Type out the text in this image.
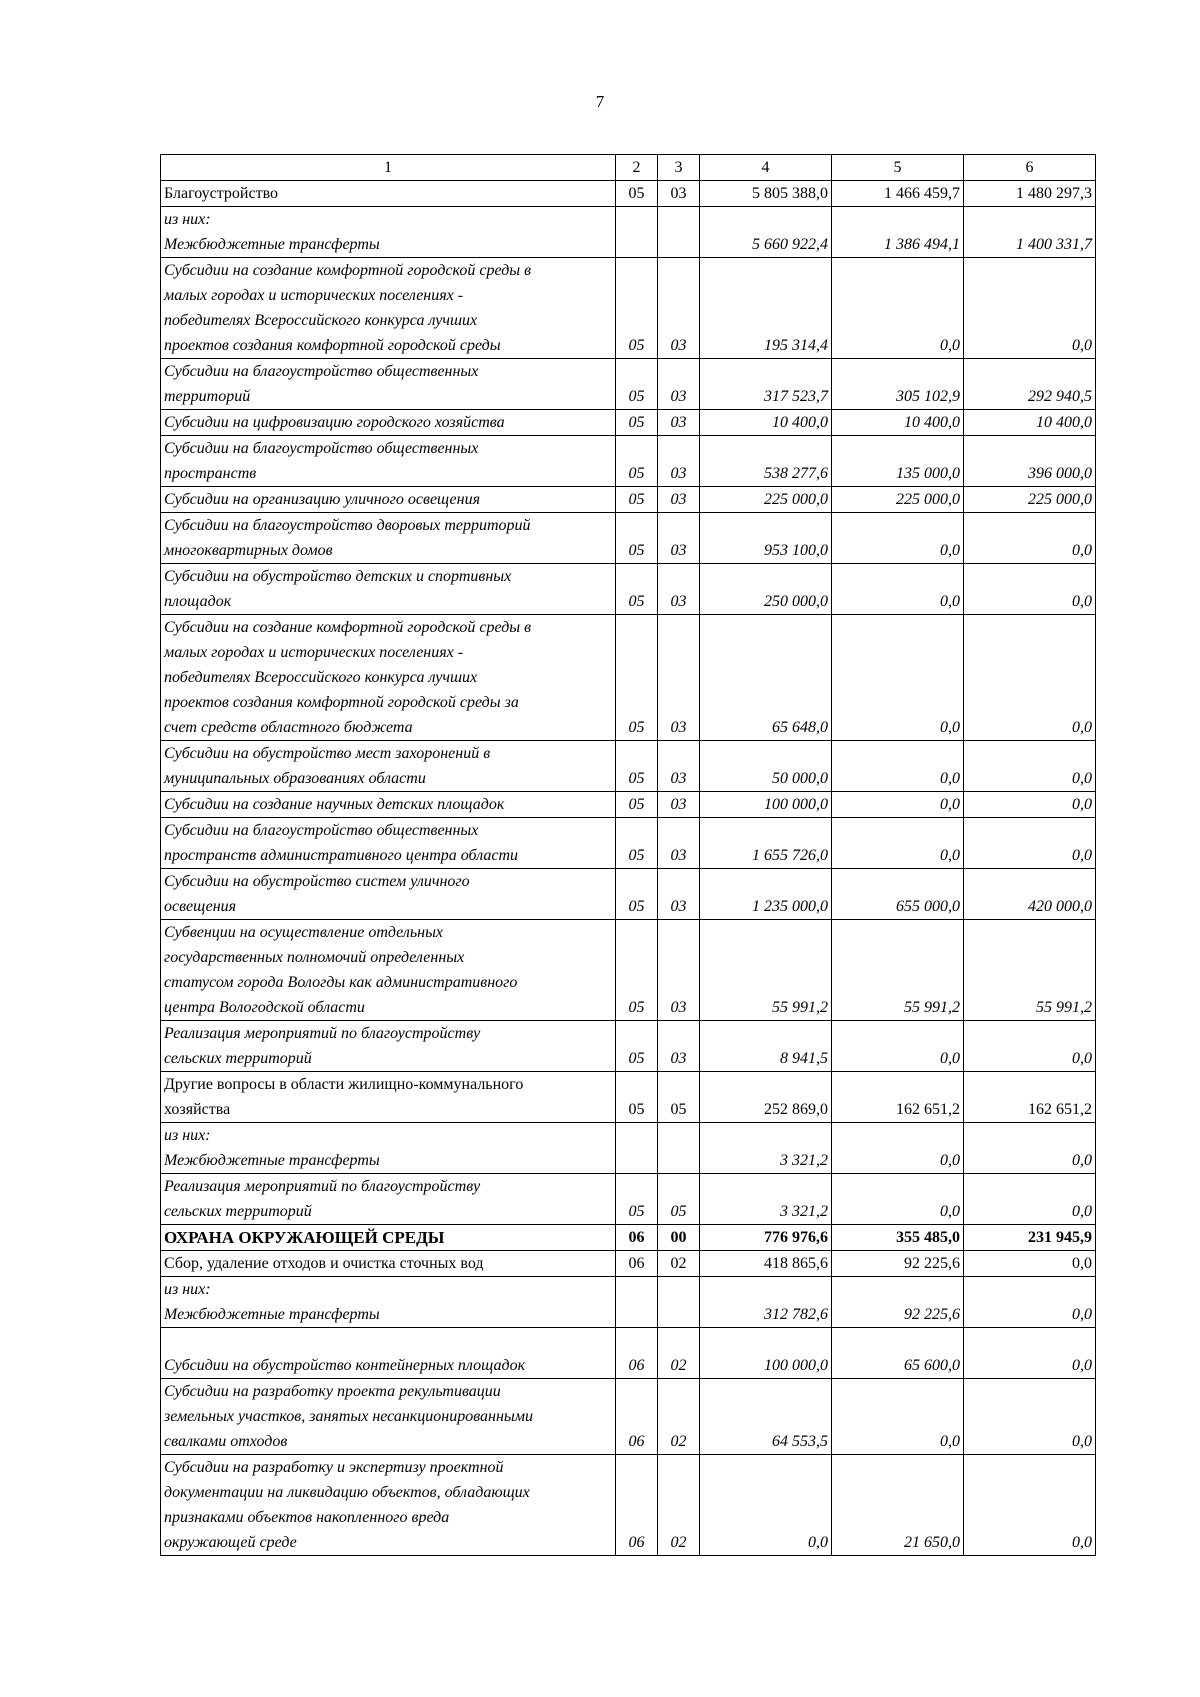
7
1	2	3	4	5	6

Благоустройство	05	03	5 805 388,0	1 466 459,7	1 480 297,3

из них:
Межбюджетные трансферты			5 660 922,4	1 386 494,1	1 400 331,7

Субсидии на создание комфортной городской среды в
малых городах и исторических поселениях -
победителях Всероссийского конкурса лучших
проектов создания комфортной городской среды	05	03	195 314,4	0,0	0,0

Субсидии на благоустройство общественных
территорий	05	03	317 523,7	305 102,9	292 940,5

Субсидии на цифровизацию городского хозяйства	05	03	10 400,0	10 400,0	10 400,0

Субсидии на благоустройство общественных
пространств	05	03	538 277,6	135 000,0	396 000,0

Субсидии на организацию уличного освещения	05	03	225 000,0	225 000,0	225 000,0

Субсидии на благоустройство дворовых территорий
многоквартирных домов	05	03	953 100,0	0,0	0,0

Субсидии на обустройство детских и спортивных
площадок	05	03	250 000,0	0,0	0,0

Субсидии на создание комфортной городской среды в
малых городах и исторических поселениях -
победителях Всероссийского конкурса лучших
проектов создания комфортной городской среды за
счет средств областного бюджета	05	03	65 648,0	0,0	0,0

Субсидии на обустройство мест захоронений в
муниципальных образованиях области	05	03	50 000,0	0,0	0,0

Субсидии на создание научных детских площадок	05	03	100 000,0	0,0	0,0

Субсидии на благоустройство общественных
пространств административного центра области	05	03	1 655 726,0	0,0	0,0

Субсидии на обустройство систем уличного
освещения	05	03	1 235 000,0	655 000,0	420 000,0

Субвенции на осуществление отдельных
государственных полномочий определенных
статусом города Вологды как административного
центра Вологодской области	05	03	55 991,2	55 991,2	55 991,2

Реализация мероприятий по благоустройству
сельских территорий	05	03	8 941,5	0,0	0,0

Другие вопросы в области жилищно-коммунального
хозяйства	05	05	252 869,0	162 651,2	162 651,2

из них:
Межбюджетные трансферты			3 321,2	0,0	0,0

Реализация мероприятий по благоустройству
сельских территорий	05	05	3 321,2	0,0	0,0

ОХРАНА ОКРУЖАЮЩЕЙ СРЕДЫ	06	00	776 976,6	355 485,0	231 945,9

Сбор, удаление отходов и очистка сточных вод	06	02	418 865,6	92 225,6	0,0

из них:
Межбюджетные трансферты			312 782,6	92 225,6	0,0

Субсидии на обустройство контейнерных площадок	06	02	100 000,0	65 600,0	0,0

Субсидии на разработку проекта рекультивации
земельных участков, занятых несанкционированными
свалками отходов	06	02	64 553,5	0,0	0,0

Субсидии на разработку и экспертизу проектной
документации на ликвидацию объектов, обладающих
признаками объектов накопленного вреда
окружающей среде	06	02	0,0	21 650,0	0,0
